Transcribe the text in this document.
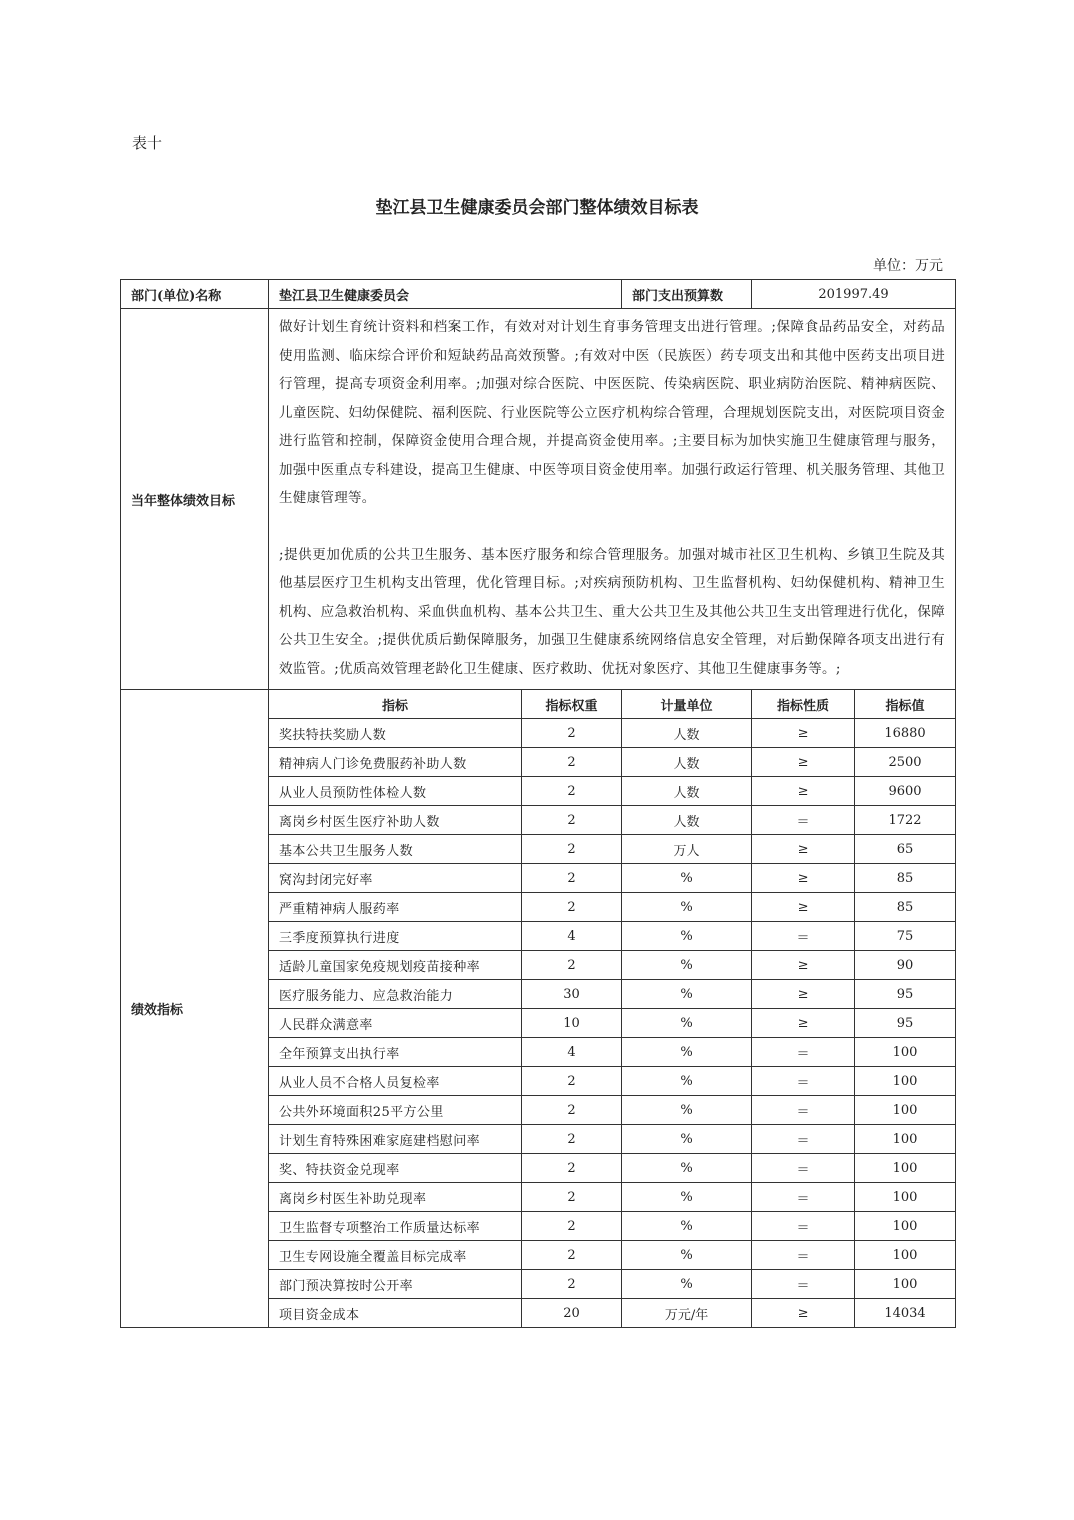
表十
垫江县卫生健康委员会部门整体绩效目标表
单位：万元
部门(单位)名称	垫江县卫生健康委员会		部门支出预算数	201997.49	
当年整体绩效目标	做好计划生育统计资料和档案工作，有效对对计划生育事务管理支出进行管理。;保障食品药品安全，对药品使用监测、临床综合评价和短缺药品高效预警。;有效对中医（民族医）药专项支出和其他中医药支出项目进行管理，提高专项资金利用率。;加强对综合医院、中医医院、传染病医院、职业病防治医院、精神病医院、儿童医院、妇幼保健院、福利医院、行业医院等公立医疗机构综合管理，合理规划医院支出，对医院项目资金进行监管和控制，保障资金使用合理合规，并提高资金使用率。;主要目标为加快实施卫生健康管理与服务，加强中医重点专科建设，提高卫生健康、中医等项目资金使用率。加强行政运行管理、机关服务管理、其他卫生健康管理等。
;提供更加优质的公共卫生服务、基本医疗服务和综合管理服务。加强对城市社区卫生机构、乡镇卫生院及其他基层医疗卫生机构支出管理，优化管理目标。;对疾病预防机构、卫生监督机构、妇幼保健机构、精神卫生机构、应急救治机构、采血供血机构、基本公共卫生、重大公共卫生及其他公共卫生支出管理进行优化，保障公共卫生安全。;提供优质后勤保障服务，加强卫生健康系统网络信息安全管理，对后勤保障各项支出进行有效监管。;优质高效管理老龄化卫生健康、医疗救助、优抚对象医疗、其他卫生健康事务等。;				

绩效指标	指标	指标权重	计量单位	指标性质	指标值
	奖扶特扶奖励人数	2	人数	≥	16880
	精神病人门诊免费服药补助人数	2	人数	≥	2500
	从业人员预防性体检人数	2	人数	≥	9600
	离岗乡村医生医疗补助人数	2	人数	＝	1722
	基本公共卫生服务人数	2	万人	≥	65
	窝沟封闭完好率	2	%	≥	85
	严重精神病人服药率	2	%	≥	85
	三季度预算执行进度	4	%	＝	75
	适龄儿童国家免疫规划疫苗接种率	2	%	≥	90
	医疗服务能力、应急救治能力	30	%	≥	95
	人民群众满意率	10	%	≥	95
	全年预算支出执行率	4	%	＝	100
	从业人员不合格人员复检率	2	%	＝	100
	公共外环境面积25平方公里	2	%	＝	100
	计划生育特殊困难家庭建档慰问率	2	%	＝	100
	奖、特扶资金兑现率	2	%	＝	100
	离岗乡村医生补助兑现率	2	%	＝	100
	卫生监督专项整治工作质量达标率	2	%	＝	100
	卫生专网设施全覆盖目标完成率	2	%	＝	100
	部门预决算按时公开率	2	%	＝	100
	项目资金成本	20	万元/年	≥	14034
